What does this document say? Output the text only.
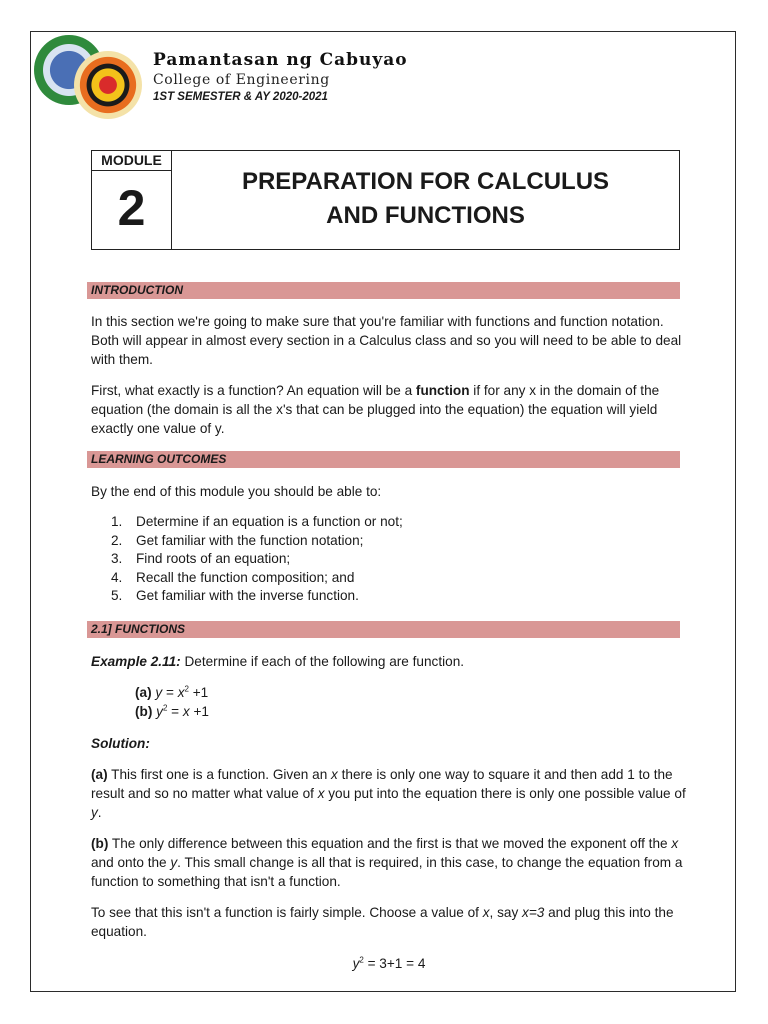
Pamantasan ng Cabuyao
College of Engineering
1ST SEMESTER & AY 2020-2021
MODULE
2	PREPARATION FOR CALCULUS
AND FUNCTIONS
INTRODUCTION
In this section we're going to make sure that you're familiar with functions and function notation. Both will appear in almost every section in a Calculus class and so you will need to be able to deal with them.
First, what exactly is a function? An equation will be a function if for any x in the domain of the equation (the domain is all the x's that can be plugged into the equation) the equation will yield exactly one value of y.
LEARNING OUTCOMES
By the end of this module you should be able to:
1. Determine if an equation is a function or not;
2. Get familiar with the function notation;
3. Find roots of an equation;
4. Recall the function composition; and
5. Get familiar with the inverse function.
2.1] FUNCTIONS
Example 2.11: Determine if each of the following are function.
(a) $y = x^2 +1$
(b) $y^2 = x +1$
Solution:
(a) This first one is a function. Given an x there is only one way to square it and then add 1 to the result and so no matter what value of x you put into the equation there is only one possible value of y.
(b) The only difference between this equation and the first is that we moved the exponent off the x and onto the y. This small change is all that is required, in this case, to change the equation from a function to something that isn't a function.
To see that this isn't a function is fairly simple. Choose a value of x, say x=3 and plug this into the equation.
$y^2 = 3+1 = 4$
